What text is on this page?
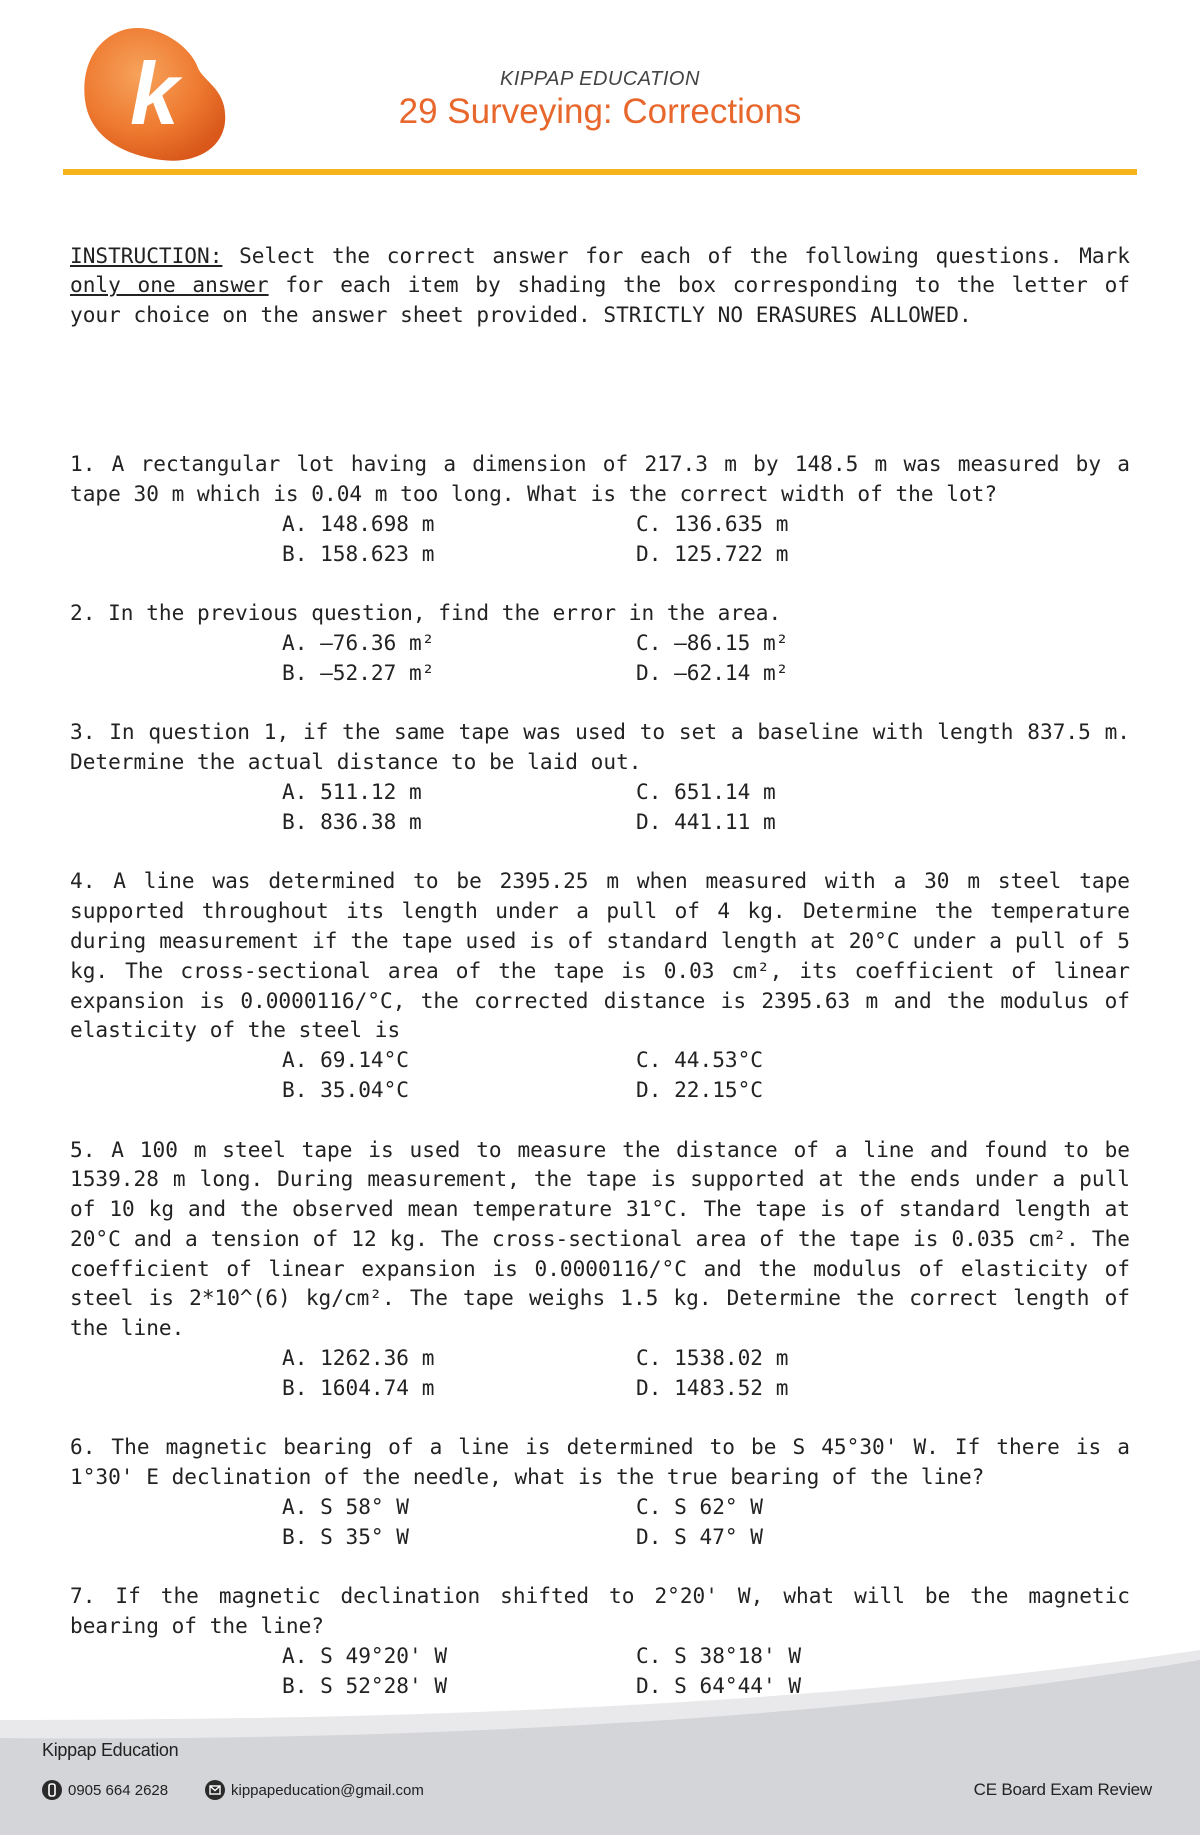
k	KIPPAP EDUCATION
29 Surveying: Corrections

INSTRUCTION: Select the correct answer for each of the following questions. Mark only one answer for each item by shading the box corresponding to the letter of your choice on the answer sheet provided. STRICTLY NO ERASURES ALLOWED.

1. A rectangular lot having a dimension of 217.3 m by 148.5 m was measured by a tape 30 m which is 0.04 m too long. What is the correct width of the lot?
A. 148.698 m	C. 136.635 m
B. 158.623 m	D. 125.722 m
2. In the previous question, find the error in the area.
A. –76.36 m²	C. –86.15 m²
B. –52.27 m²	D. –62.14 m²
3. In question 1, if the same tape was used to set a baseline with length 837.5 m. Determine the actual distance to be laid out.
A. 511.12 m	C. 651.14 m
B. 836.38 m	D. 441.11 m
4. A line was determined to be 2395.25 m when measured with a 30 m steel tape supported throughout its length under a pull of 4 kg. Determine the temperature during measurement if the tape used is of standard length at 20°C under a pull of 5 kg. The cross-sectional area of the tape is 0.03 cm², its coefficient of linear expansion is 0.0000116/°C, the corrected distance is 2395.63 m and the modulus of elasticity of the steel is
A. 69.14°C	C. 44.53°C
B. 35.04°C	D. 22.15°C
5. A 100 m steel tape is used to measure the distance of a line and found to be 1539.28 m long. During measurement, the tape is supported at the ends under a pull of 10 kg and the observed mean temperature 31°C. The tape is of standard length at 20°C and a tension of 12 kg. The cross-sectional area of the tape is 0.035 cm². The coefficient of linear expansion is 0.0000116/°C and the modulus of elasticity of steel is 2*10^(6) kg/cm². The tape weighs 1.5 kg. Determine the correct length of the line.
A. 1262.36 m	C. 1538.02 m
B. 1604.74 m	D. 1483.52 m
6. The magnetic bearing of a line is determined to be S 45°30' W. If there is a 1°30' E declination of the needle, what is the true bearing of the line?
A. S 58° W	C. S 62° W
B. S 35° W	D. S 47° W
7. If the magnetic declination shifted to 2°20' W, what will be the magnetic bearing of the line?
A. S 49°20' W	C. S 38°18' W
B. S 52°28' W	D. S 64°44' W

Kippap Education
0905 664 2628	kippapeducation@gmail.com	CE Board Exam Review
